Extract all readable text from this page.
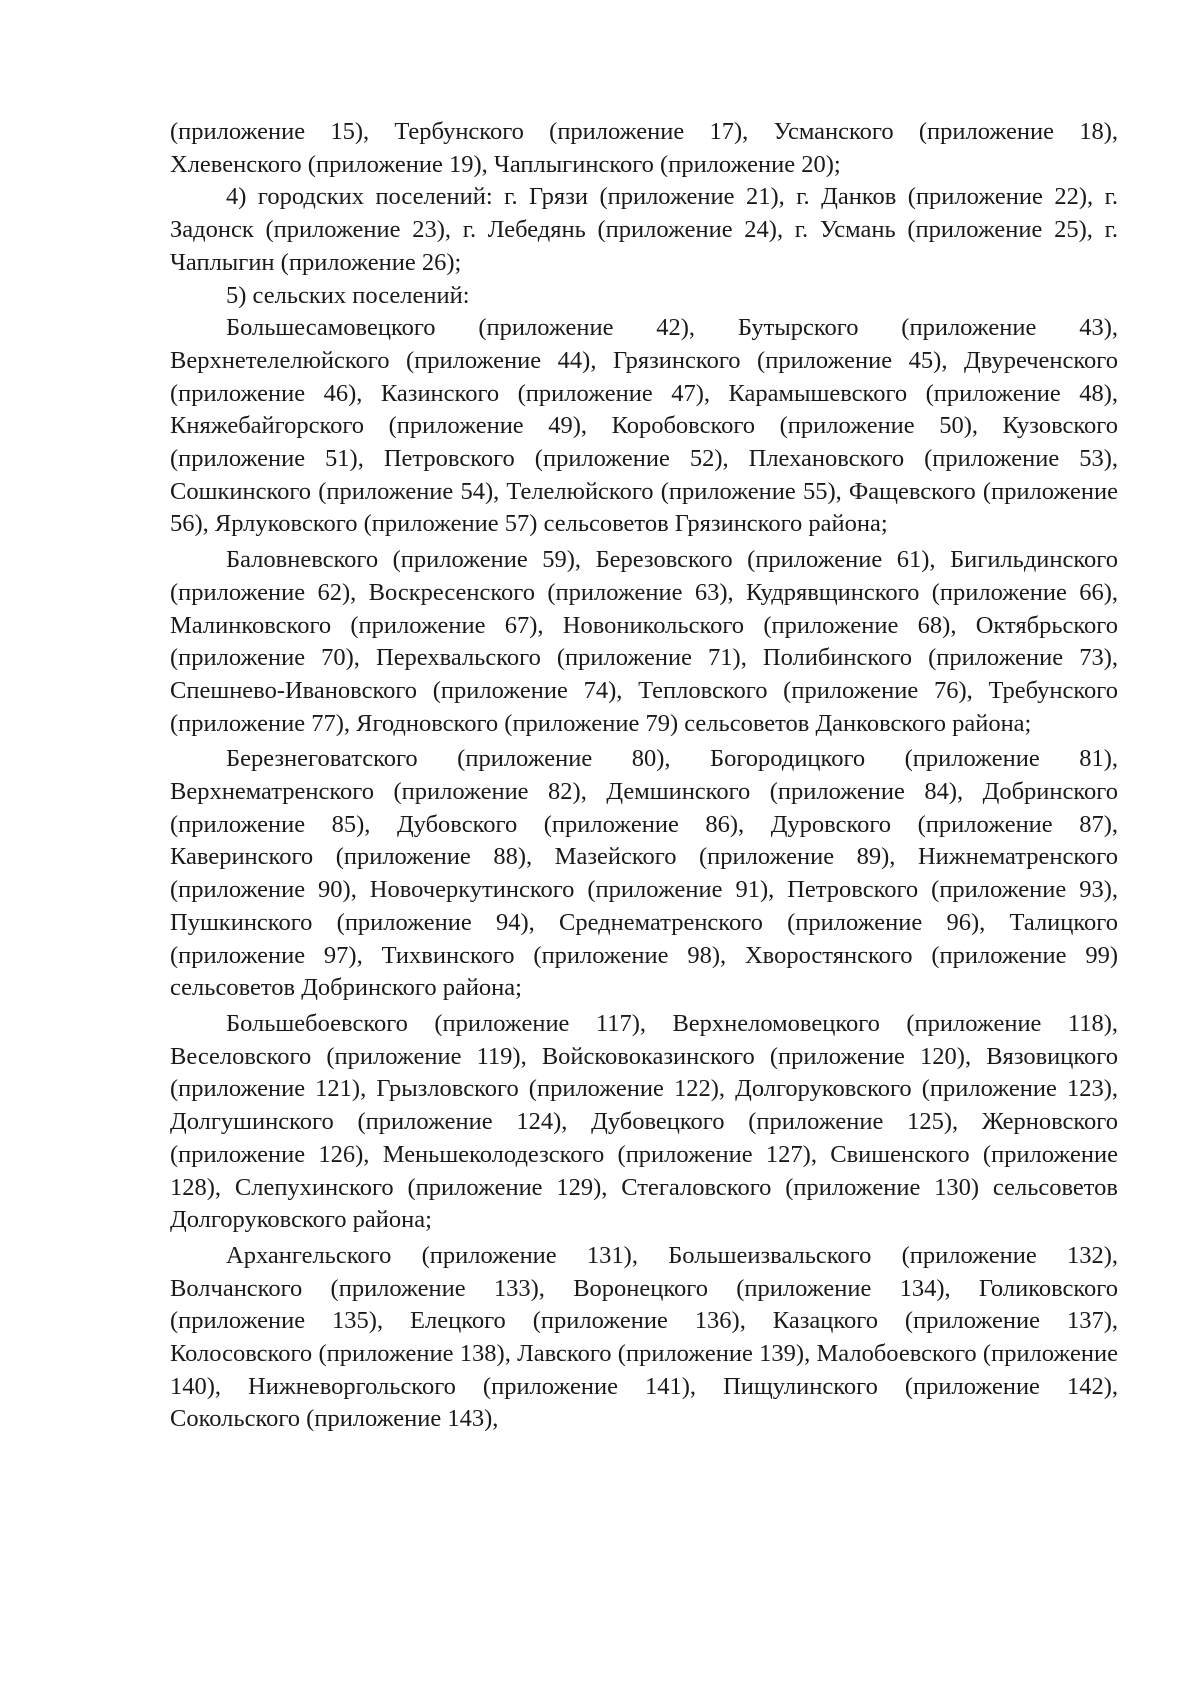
(приложение 15), Тербунского (приложение 17), Усманского (приложение 18), Хлевенского (приложение 19), Чаплыгинского (приложение 20);

4) городских поселений: г. Грязи (приложение 21), г. Данков (приложение 22), г. Задонск (приложение 23), г. Лебедянь (приложение 24), г. Усмань (приложение 25), г. Чаплыгин (приложение 26);

5) сельских поселений:

Большесамовецкого (приложение 42), Бутырского (приложение 43), Верхнетелелюйского (приложение 44), Грязинского (приложение 45), Двуреченского (приложение 46), Казинского (приложение 47), Карамышевского (приложение 48), Княжебайгорского (приложение 49), Коробовского (приложение 50), Кузовского (приложение 51), Петровского (приложение 52), Плехановского (приложение 53), Сошкинского (приложение 54), Телелюйского (приложение 55), Фащевского (приложение 56), Ярлуковского (приложение 57) сельсоветов Грязинского района;

Баловневского (приложение 59), Березовского (приложение 61), Бигильдинского (приложение 62), Воскресенского (приложение 63), Кудрявщинского (приложение 66), Малинковского (приложение 67), Новоникольского (приложение 68), Октябрьского (приложение 70), Перехвальского (приложение 71), Полибинского (приложение 73), Спешнево-Ивановского (приложение 74), Тепловского (приложение 76), Требунского (приложение 77), Ягодновского (приложение 79) сельсоветов Данковского района;

Березнеговатского (приложение 80), Богородицкого (приложение 81), Верхнематренского (приложение 82), Демшинского (приложение 84), Добринского (приложение 85), Дубовского (приложение 86), Дуровского (приложение 87), Каверинского (приложение 88), Мазейского (приложение 89), Нижнематренского (приложение 90), Новочеркутинского (приложение 91), Петровского (приложение 93), Пушкинского (приложение 94), Среднематренского (приложение 96), Талицкого (приложение 97), Тихвинского (приложение 98), Хворостянского (приложение 99) сельсоветов Добринского района;

Большебоевского (приложение 117), Верхнеломовецкого (приложение 118), Веселовского (приложение 119), Войсковоказинского (приложение 120), Вязовицкого (приложение 121), Грызловского (приложение 122), Долгоруковского (приложение 123), Долгушинского (приложение 124), Дубовецкого (приложение 125), Жерновского (приложение 126), Меньшеколодезского (приложение 127), Свишенского (приложение 128), Слепухинского (приложение 129), Стегаловского (приложение 130) сельсоветов Долгоруковского района;

Архангельского (приложение 131), Большеизвальского (приложение 132), Волчанского (приложение 133), Воронецкого (приложение 134), Голиковского (приложение 135), Елецкого (приложение 136), Казацкого (приложение 137), Колосовского (приложение 138), Лавского (приложение 139), Малобоевского (приложение 140), Нижневоргольского (приложение 141), Пищулинского (приложение 142), Сокольского (приложение 143),
